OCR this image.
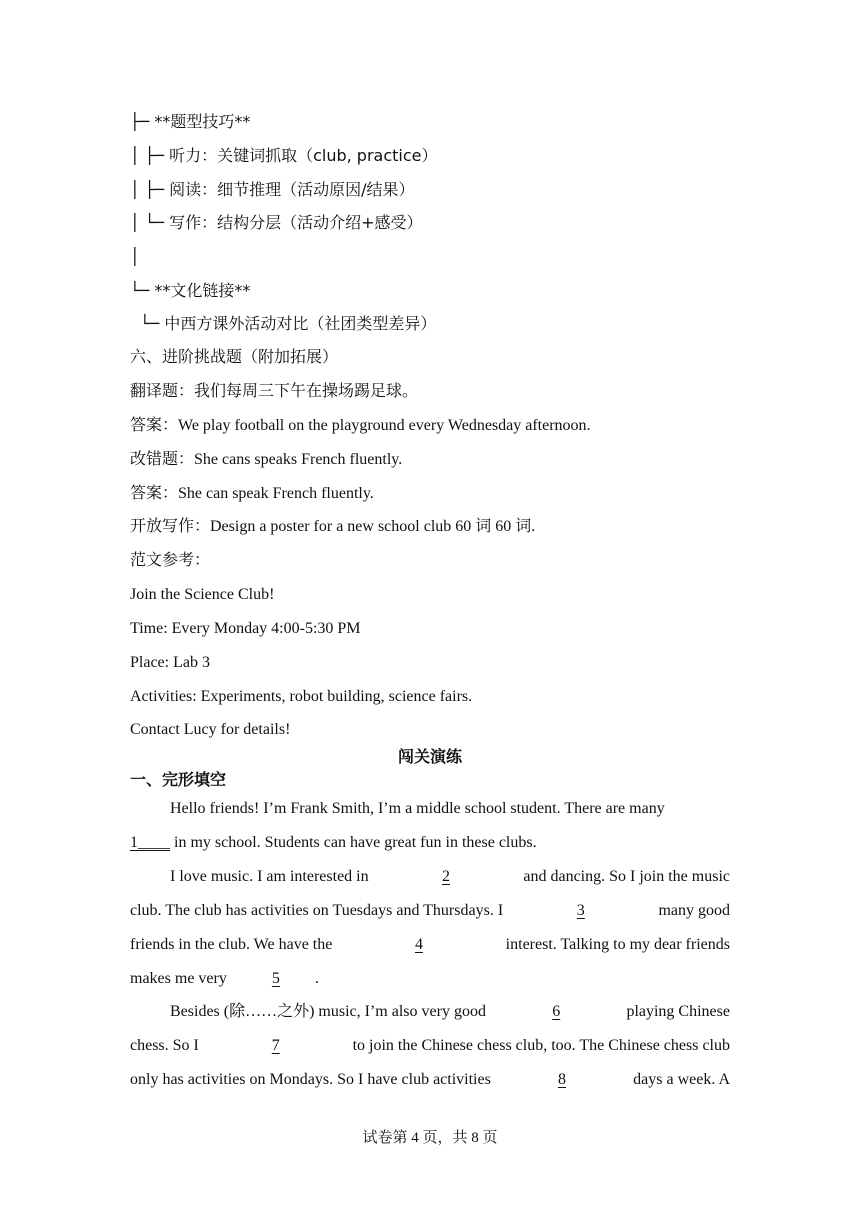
├─ **题型技巧**
│ ├─ 听力：关键词抓取（club, practice）
│ ├─ 阅读：细节推理（活动原因/结果）
│ └─ 写作：结构分层（活动介绍+感受）
│
└─ **文化链接**
└─ 中西方课外活动对比（社团类型差异）
六、进阶挑战题（附加拓展）
翻译题：我们每周三下午在操场踢足球。
答案：We play football on the playground every Wednesday afternoon.
改错题：She cans speaks French fluently.
答案：She can speak French fluently.
开放写作：Design a poster for a new school club 60 词 60 词.
范文参考：
Join the Science Club!
Time: Every Monday 4:00-5:30 PM
Place: Lab 3
Activities: Experiments, robot building, science fairs.
Contact Lucy for details!
闯关演练
一、完形填空
Hello friends! I’m Frank Smith, I’m a middle school student. There are many
1____ in my school. Students can have great fun in these clubs.
I love music. I am interested in	2	and dancing. So I join the music
club. The club has activities on Tuesdays and Thursdays. I	3	many good
friends in the club. We have the	4	interest. Talking to my dear friends
makes me very	5 .
Besides (除……之外) music, I’m also very good	6	playing Chinese
chess. So I	7	to join the Chinese chess club, too. The Chinese chess club
only has activities on Mondays. So I have club activities	8	days a week. A
试卷第 4 页，共 8 页
